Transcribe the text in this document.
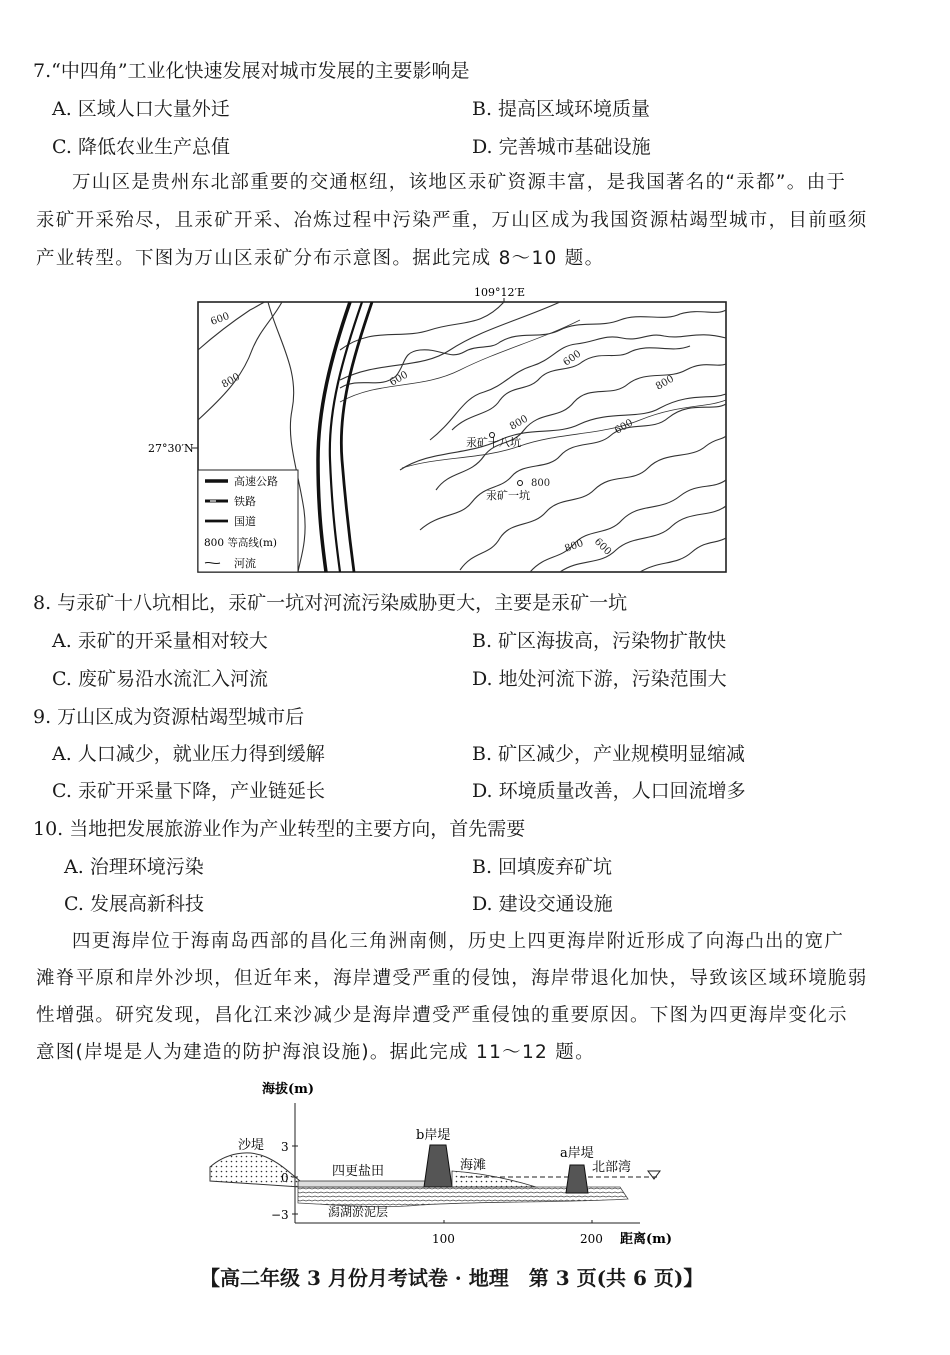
7.“中四角”工业化快速发展对城市发展的主要影响是
A. 区域人口大量外迁	B. 提高区域环境质量
C. 降低农业生产总值	D. 完善城市基础设施
万山区是贵州东北部重要的交通枢纽，该地区汞矿资源丰富，是我国著名的“汞都”。由于
汞矿开采殆尽，且汞矿开采、冶炼过程中污染严重，万山区成为我国资源枯竭型城市，目前亟须
产业转型。下图为万山区汞矿分布示意图。据此完成 8～10 题。
109°12′E
27°30′N
600
800	600
600
800
600
800
800
800 600
汞矿十八坑
汞矿一坑
高速公路
铁路
国道
800 等高线(m)
河流
8. 与汞矿十八坑相比，汞矿一坑对河流污染威胁更大，主要是汞矿一坑
A. 汞矿的开采量相对较大	B. 矿区海拔高，污染物扩散快
C. 废矿易沿水流汇入河流	D. 地处河流下游，污染范围大
9. 万山区成为资源枯竭型城市后
A. 人口减少，就业压力得到缓解	B. 矿区减少，产业规模明显缩减
C. 汞矿开采量下降，产业链延长	D. 环境质量改善，人口回流增多
10. 当地把发展旅游业作为产业转型的主要方向，首先需要
A. 治理环境污染	B. 回填废弃矿坑
C. 发展高新科技	D. 建设交通设施
四更海岸位于海南岛西部的昌化三角洲南侧，历史上四更海岸附近形成了向海凸出的宽广
滩脊平原和岸外沙坝，但近年来，海岸遭受严重的侵蚀，海岸带退化加快，导致该区域环境脆弱
性增强。研究发现，昌化江来沙减少是海岸遭受严重侵蚀的重要原因。下图为四更海岸变化示
意图(岸堤是人为建造的防护海浪设施)。据此完成 11～12 题。
海拔(m)
3
−3
100	200 距离(m)
沙堤
四更盐田
潟湖淤泥层
b岸堤
海滩
a岸堤
北部湾
【高二年级 3 月份月考试卷 · 地理　第 3 页(共 6 页)】
